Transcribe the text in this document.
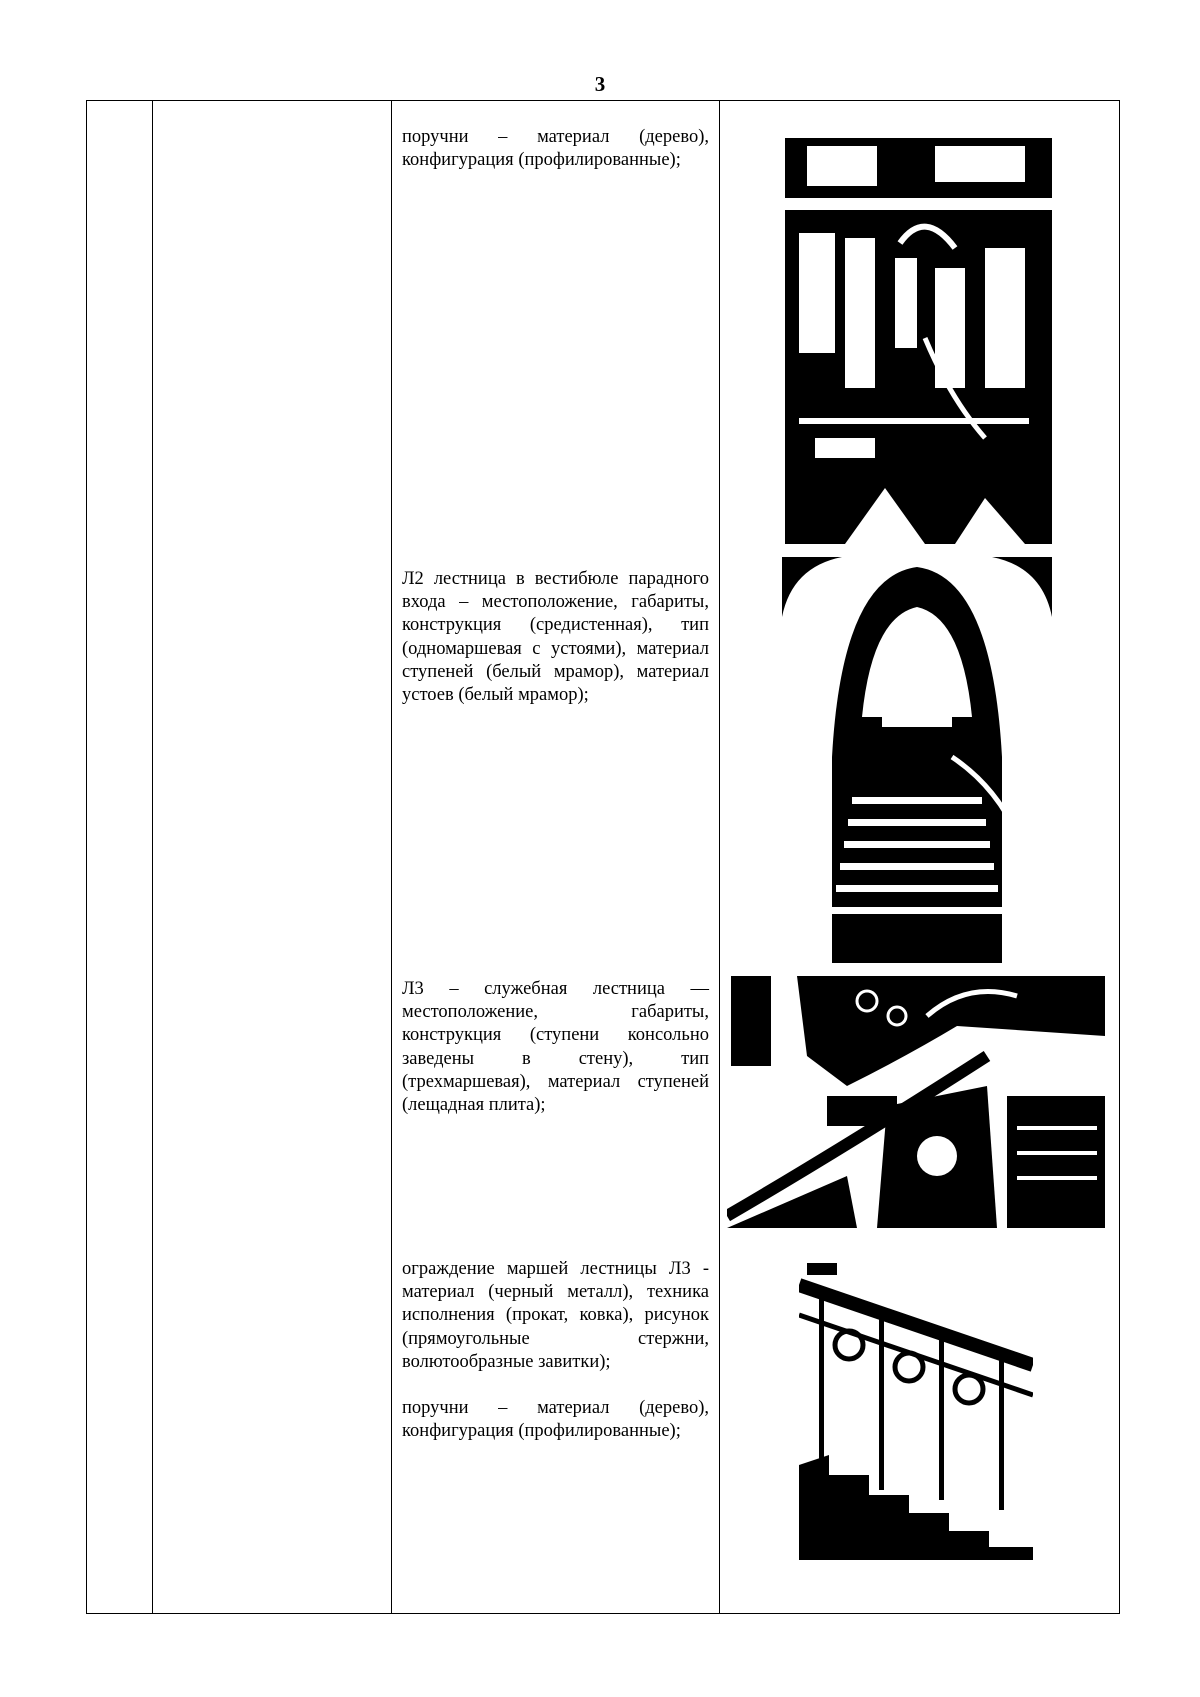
3

поручни – материал (дерево), конфигурация (профилированные);

Л2 лестница в вестибюле парадного входа – местоположение, габариты, конструкция (средистенная), тип (одномаршевая с устоями), материал ступеней (белый мрамор), материал устоев (белый мрамор);

Л3 – служебная лестница — местоположение, габариты, конструкция (ступени консольно заведены в стену), тип (трехмаршевая), материал ступеней (лещадная плита);

ограждение маршей лестницы Л3 - материал (черный металл), техника исполнения (прокат, ковка), рисунок (прямоугольные стержни, волютообразные завитки);

поручни – материал (дерево), конфигурация (профилированные);
